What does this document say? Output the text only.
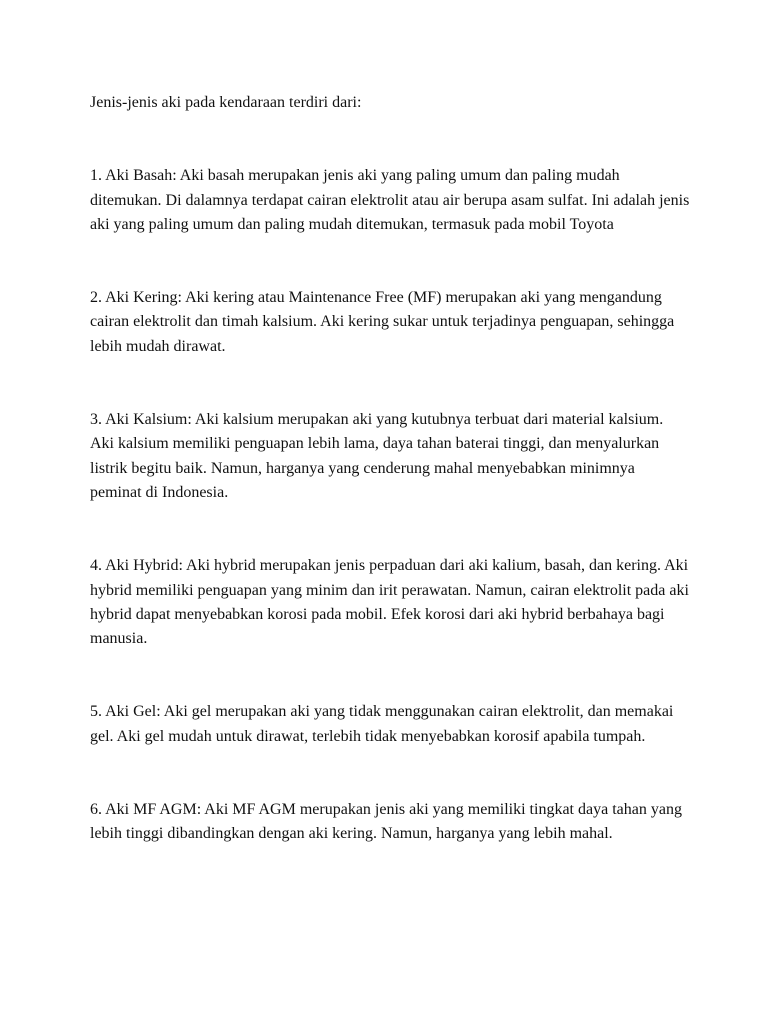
Jenis-jenis aki pada kendaraan terdiri dari:

1. Aki Basah: Aki basah merupakan jenis aki yang paling umum dan paling mudah ditemukan. Di dalamnya terdapat cairan elektrolit atau air berupa asam sulfat. Ini adalah jenis aki yang paling umum dan paling mudah ditemukan, termasuk pada mobil Toyota

2. Aki Kering: Aki kering atau Maintenance Free (MF) merupakan aki yang mengandung cairan elektrolit dan timah kalsium. Aki kering sukar untuk terjadinya penguapan, sehingga lebih mudah dirawat.

3. Aki Kalsium: Aki kalsium merupakan aki yang kutubnya terbuat dari material kalsium. Aki kalsium memiliki penguapan lebih lama, daya tahan baterai tinggi, dan menyalurkan listrik begitu baik. Namun, harganya yang cenderung mahal menyebabkan minimnya peminat di Indonesia.

4. Aki Hybrid: Aki hybrid merupakan jenis perpaduan dari aki kalium, basah, dan kering. Aki hybrid memiliki penguapan yang minim dan irit perawatan. Namun, cairan elektrolit pada aki hybrid dapat menyebabkan korosi pada mobil. Efek korosi dari aki hybrid berbahaya bagi manusia.

5. Aki Gel: Aki gel merupakan aki yang tidak menggunakan cairan elektrolit, dan memakai gel. Aki gel mudah untuk dirawat, terlebih tidak menyebabkan korosif apabila tumpah.

6. Aki MF AGM: Aki MF AGM merupakan jenis aki yang memiliki tingkat daya tahan yang lebih tinggi dibandingkan dengan aki kering. Namun, harganya yang lebih mahal.
